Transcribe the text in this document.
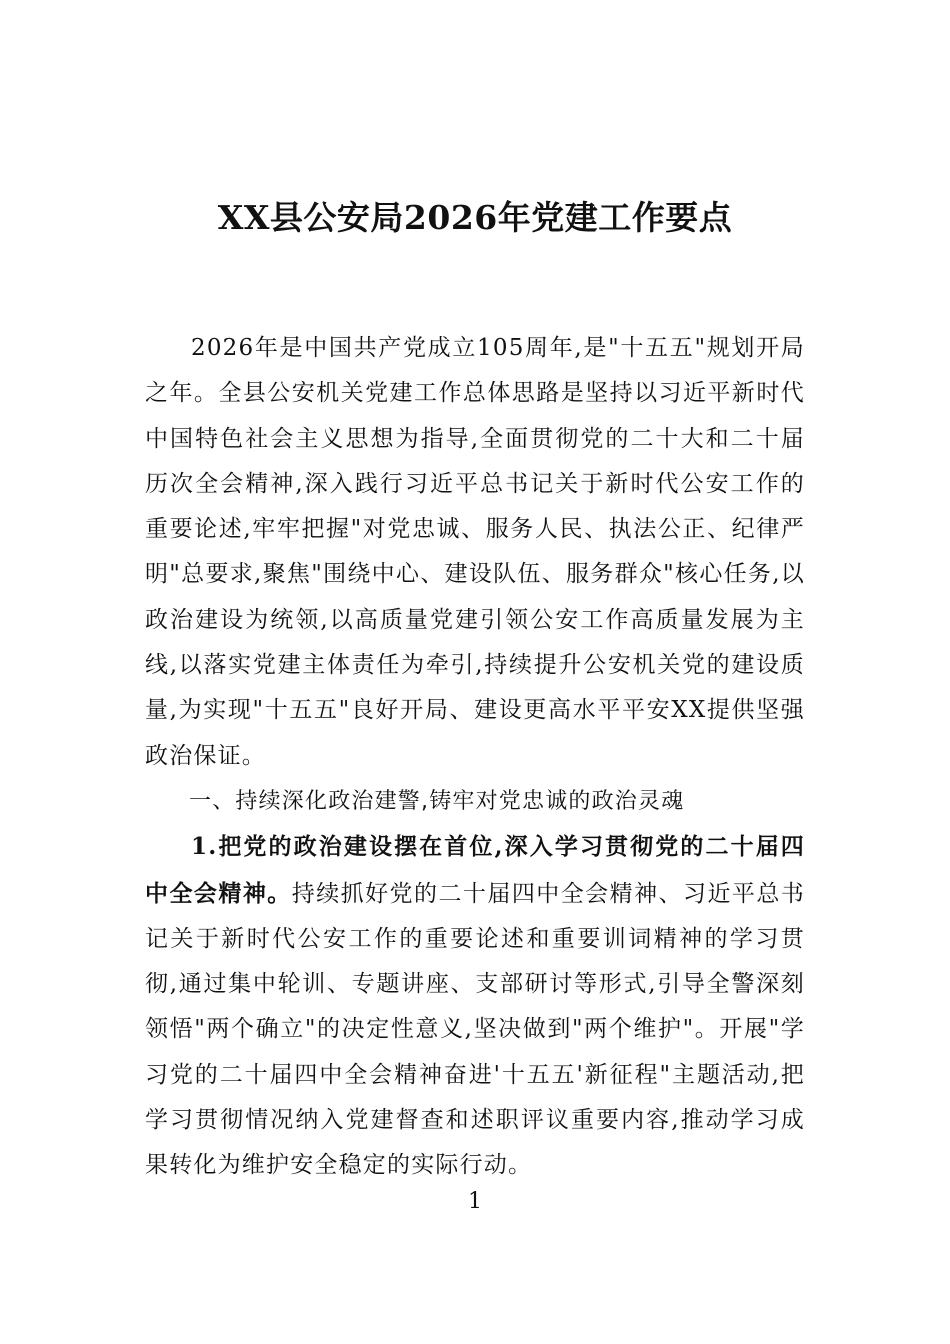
XX县公安局2026年党建工作要点

2026年是中国共产党成立105周年,是"十五五"规划开局之年。全县公安机关党建工作总体思路是坚持以习近平新时代中国特色社会主义思想为指导,全面贯彻党的二十大和二十届历次全会精神,深入践行习近平总书记关于新时代公安工作的重要论述,牢牢把握"对党忠诚、服务人民、执法公正、纪律严明"总要求,聚焦"围绕中心、建设队伍、服务群众"核心任务,以政治建设为统领,以高质量党建引领公安工作高质量发展为主线,以落实党建主体责任为牵引,持续提升公安机关党的建设质量,为实现"十五五"良好开局、建设更高水平平安XX提供坚强政治保证。

一、持续深化政治建警,铸牢对党忠诚的政治灵魂

1.把党的政治建设摆在首位,深入学习贯彻党的二十届四中全会精神。持续抓好党的二十届四中全会精神、习近平总书记关于新时代公安工作的重要论述和重要训词精神的学习贯彻,通过集中轮训、专题讲座、支部研讨等形式,引导全警深刻领悟"两个确立"的决定性意义,坚决做到"两个维护"。开展"学习党的二十届四中全会精神奋进'十五五'新征程"主题活动,把学习贯彻情况纳入党建督查和述职评议重要内容,推动学习成果转化为维护安全稳定的实际行动。

1
